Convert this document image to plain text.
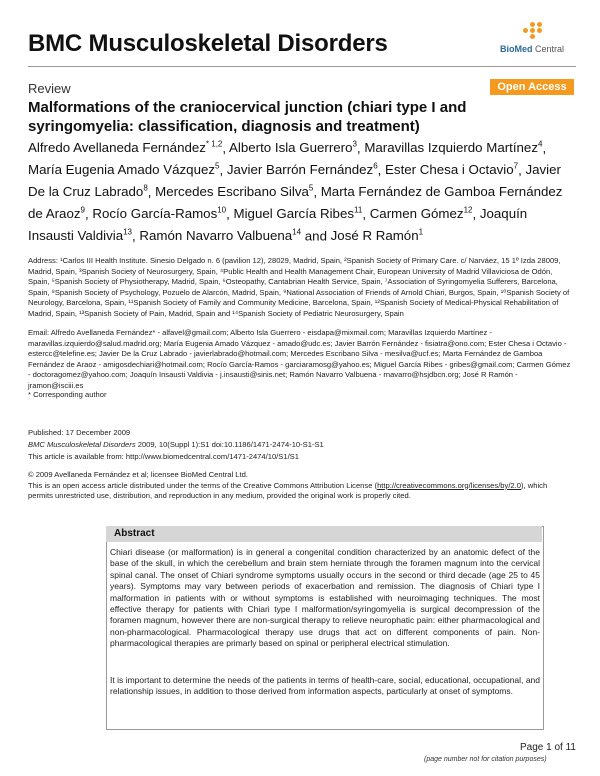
BMC Musculoskeletal Disorders	BioMed Central
Review	Open Access
Malformations of the craniocervical junction (chiari type I and syringomyelia: classification, diagnosis and treatment)
Alfredo Avellaneda Fernández$^{* 1,2}$, Alberto Isla Guerrero$^3$, Maravillas Izquierdo Martínez$^4$, María Eugenia Amado Vázquez$^5$, Javier Barrón Fernández$^6$, Ester Chesa i Octavio$^7$, Javier De la Cruz Labrado$^8$, Mercedes Escribano Silva$^5$, Marta Fernández de Gamboa Fernández de Araoz$^9$, Rocío García-Ramos$^{10}$, Miguel García Ribes$^{11}$, Carmen Gómez$^{12}$, Joaquín Insausti Valdivia$^{13}$, Ramón Navarro Valbuena$^{14}$ and José R Ramón$^1$
Address: ¹Carlos III Health Institute. Sinesio Delgado n. 6 (pavilion 12), 28029, Madrid, Spain, ²Spanish Society of Primary Care. c/ Narváez, 15 1º Izda 28009, Madrid, Spain, ³Spanish Society of Neurosurgery, Spain, ⁴Public Health and Health Management Chair, European University of Madrid Villaviciosa de Odón, Spain, ⁵Spanish Society of Physiotherapy, Madrid, Spain, ⁶Osteopathy, Cantabrian Health Service, Spain, ⁷Association of Syringomyelia Sufferers, Barcelona, Spain, ⁸Spanish Society of Psychology, Pozuelo de Alarcón, Madrid, Spain, ⁹National Association of Friends of Arnold Chiari, Burgos, Spain, ¹⁰Spanish Society of Neurology, Barcelona, Spain, ¹¹Spanish Society of Family and Community Medicine, Barcelona, Spain, ¹²Spanish Society of Medical-Physical Rehabilitation of Madrid, Spain, ¹³Spanish Society of Pain, Madrid, Spain and ¹⁴Spanish Society of Pediatric Neurosurgery, Spain
Email: Alfredo Avellaneda Fernández* - alfavel@gmail.com; Alberto Isla Guerrero - eisdapa@mixmail.com; Maravillas Izquierdo Martínez - maravillas.izquierdo@salud.madrid.org; María Eugenia Amado Vázquez - amado@udc.es; Javier Barrón Fernández - fisiatra@ono.com; Ester Chesa i Octavio - estercc@telefine.es; Javier De la Cruz Labrado - javierlabrado@hotmail.com; Mercedes Escribano Silva - mesilva@ucf.es; Marta Fernández de Gamboa Fernández de Araoz - amigosdechiari@hotmail.com; Rocío García-Ramos - garciaramosg@yahoo.es; Miguel García Ribes - gribes@gmail.com; Carmen Gómez - doctoragomez@yahoo.com; Joaquín Insausti Valdivia - j.insausti@sinis.net; Ramón Navarro Valbuena - rnavarro@hsjdbcn.org; José R Ramón - jramon@isciii.es
* Corresponding author
Published: 17 December 2009
BMC Musculoskeletal Disorders 2009, 10(Suppl 1):S1 doi:10.1186/1471-2474-10-S1-S1
This article is available from: http://www.biomedcentral.com/1471-2474/10/S1/S1
© 2009 Avellaneda Fernández et al; licensee BioMed Central Ltd.
This is an open access article distributed under the terms of the Creative Commons Attribution License (http://creativecommons.org/licenses/by/2.0), which permits unrestricted use, distribution, and reproduction in any medium, provided the original work is properly cited.
Abstract
Chiari disease (or malformation) is in general a congenital condition characterized by an anatomic defect of the base of the skull, in which the cerebellum and brain stem herniate through the foramen magnum into the cervical spinal canal. The onset of Chiari syndrome symptoms usually occurs in the second or third decade (age 25 to 45 years). Symptoms may vary between periods of exacerbation and remission. The diagnosis of Chiari type I malformation in patients with or without symptoms is established with neuroimaging techniques. The most effective therapy for patients with Chiari type I malformation/syringomyelia is surgical decompression of the foramen magnum, however there are non-surgical therapy to relieve neurophatic pain: either pharmacological and non-pharmacological. Pharmacological therapy use drugs that act on different components of pain. Non-pharmacological therapies are primarly based on spinal or peripheral electrical stimulation.
It is important to determine the needs of the patients in terms of health-care, social, educational, occupational, and relationship issues, in addition to those derived from information aspects, particularly at onset of symptoms.
Page 1 of 11
(page number not for citation purposes)
